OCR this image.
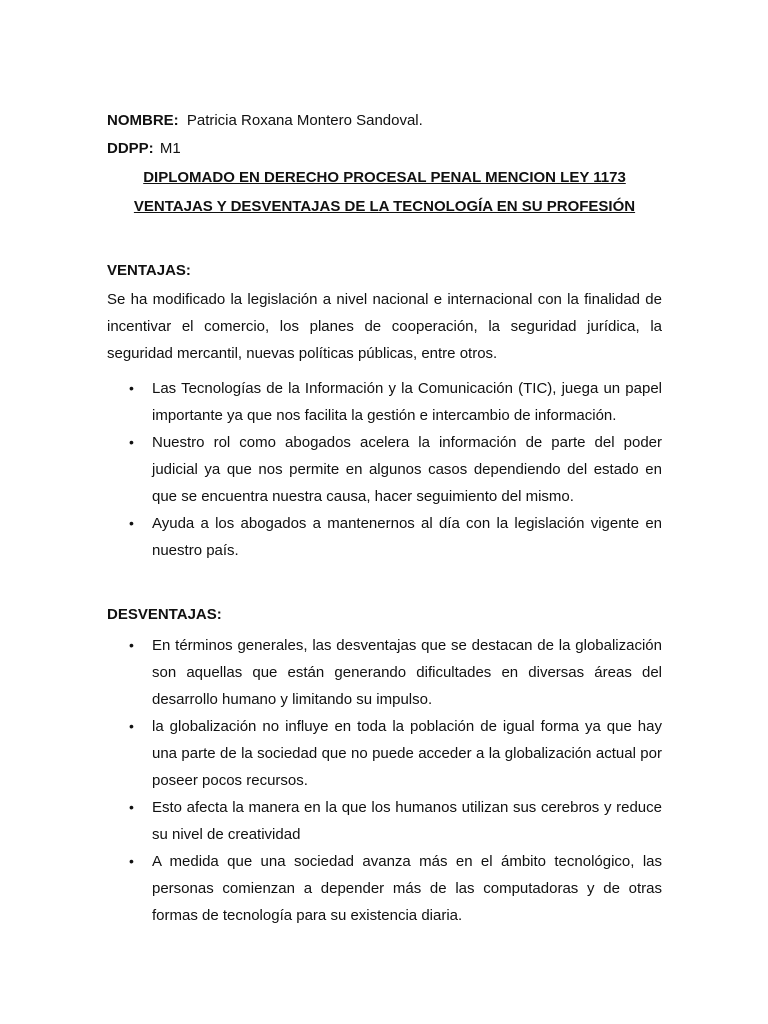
NOMBRE: Patricia Roxana Montero Sandoval.
DDPP: M1
DIPLOMADO EN DERECHO PROCESAL PENAL MENCION LEY 1173
VENTAJAS Y DESVENTAJAS DE LA TECNOLOGÍA EN SU PROFESIÓN
VENTAJAS:

Se ha modificado la legislación a nivel nacional e internacional con la finalidad de incentivar el comercio, los planes de cooperación, la seguridad jurídica, la seguridad mercantil, nuevas políticas públicas, entre otros.

• Las Tecnologías de la Información y la Comunicación (TIC), juega un papel importante ya que nos facilita la gestión e intercambio de información.
• Nuestro rol como abogados acelera la información de parte del poder judicial ya que nos permite en algunos casos dependiendo del estado en que se encuentra nuestra causa, hacer seguimiento del mismo.
• Ayuda a los abogados a mantenernos al día con la legislación vigente en nuestro país.
DESVENTAJAS:
• En términos generales, las desventajas que se destacan de la globalización son aquellas que están generando dificultades en diversas áreas del desarrollo humano y limitando su impulso.
• la globalización no influye en toda la población de igual forma ya que hay una parte de la sociedad que no puede acceder a la globalización actual por poseer pocos recursos.
• Esto afecta la manera en la que los humanos utilizan sus cerebros y reduce su nivel de creatividad
• A medida que una sociedad avanza más en el ámbito tecnológico, las personas comienzan a depender más de las computadoras y de otras formas de tecnología para su existencia diaria.
